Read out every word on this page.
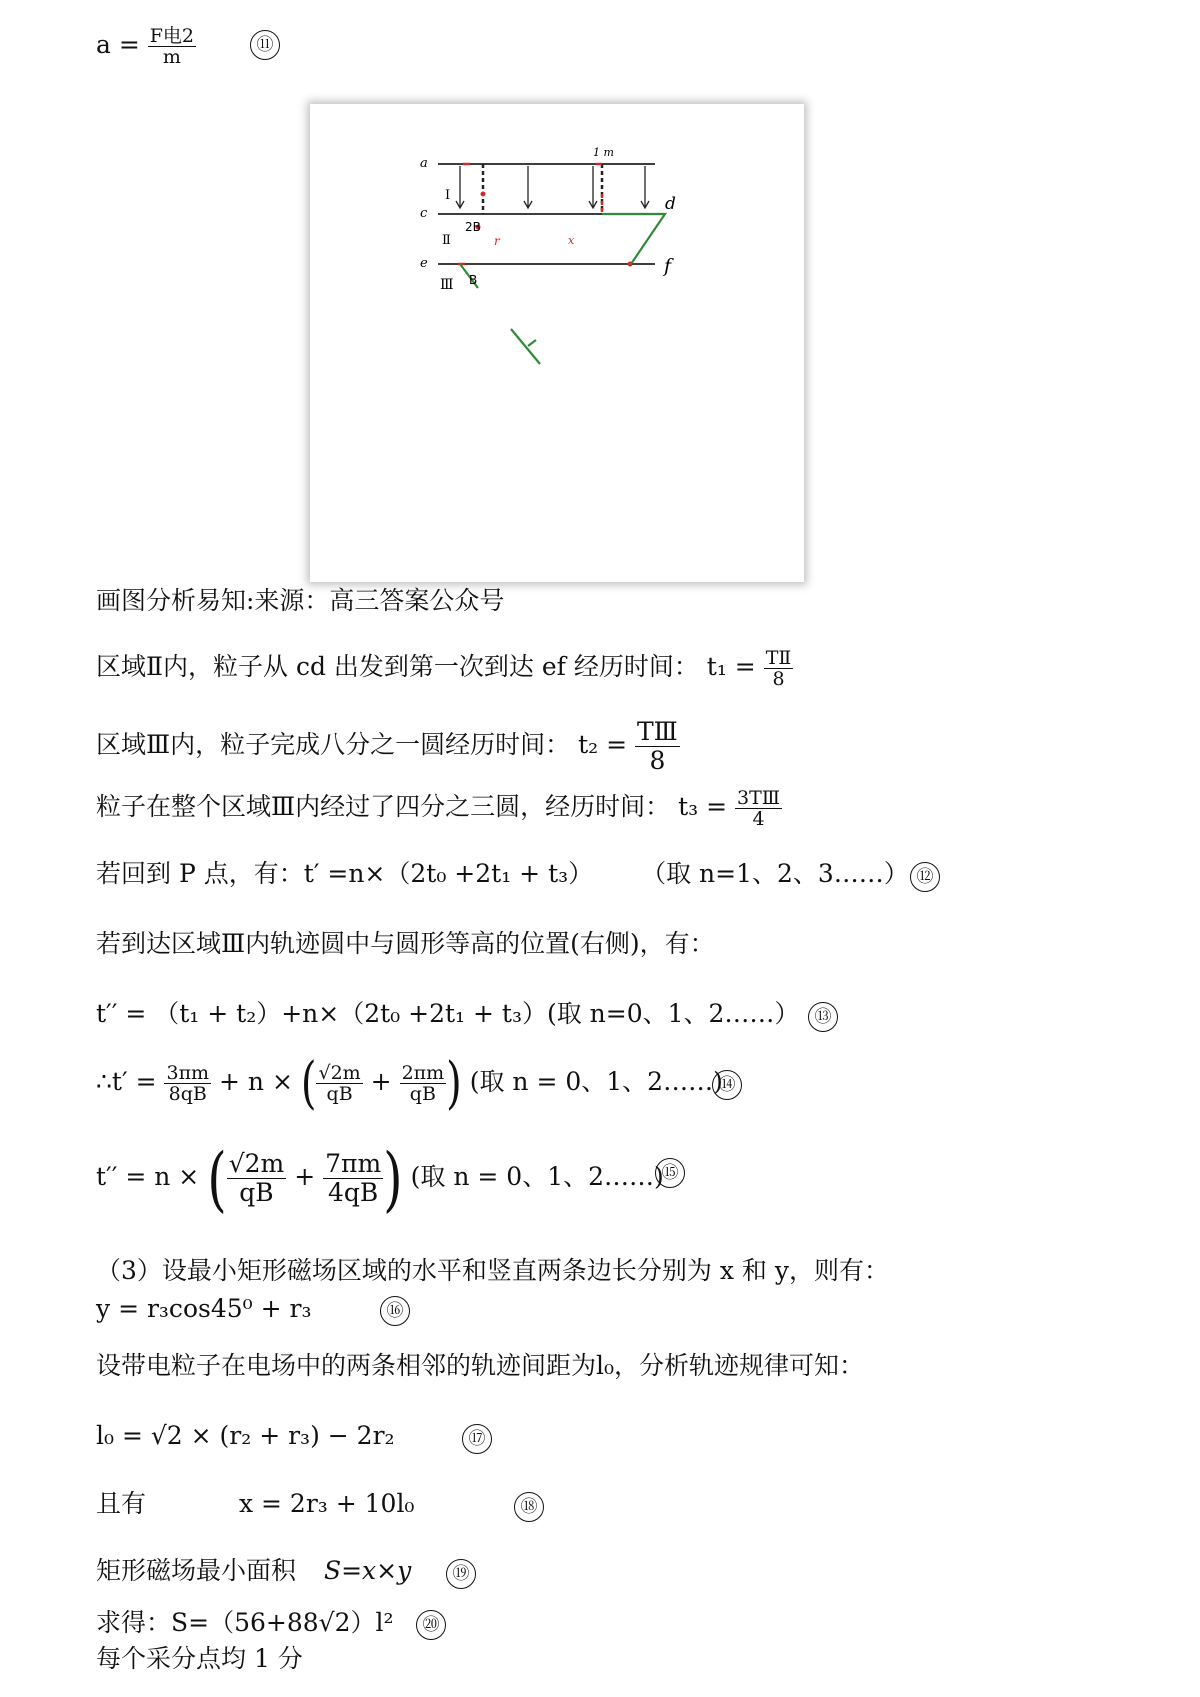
$a = \frac{\text{F电2}}{m}$	⑪
a
c	d
e	f
1 m
I
Ⅱ
Ⅲ
2B
B
r	x
画图分析易知:来源：高三答案公众号
区域Ⅱ内，粒子从 cd 出发到第一次到达 ef 经历时间： $t_1 = \frac{\text{TⅡ}}{8}$
区域Ⅲ内，粒子完成八分之一圆经历时间： $t_2 = \frac{\text{TⅢ}}{8}$
粒子在整个区域Ⅲ内经过了四分之三圆，经历时间： $t_3 = \frac{\text{3TⅢ}}{4}$
若回到 P 点，有：t′ =n×（2t₀ +2t₁ + t₃） （取 n=1、2、3……） ⑫
若到达区域Ⅲ内轨迹圆中与圆形等高的位置(右侧)，有：
t′′ = （t₁ + t₂）+n×（2t₀ +2t₁ + t₃）(取 n=0、1、2……） ⑬
∴t′ = $\frac{3\pi m}{8qB} + n$ × ( $\frac{√2m}{qB} + \frac{2\pi m}{qB}$ ) (取 n = 0、1、2……)
⑭
t′′ = n × ( $\frac{√2m}{qB} + \frac{7\pi m}{4qB}$ ) (取 n = 0、1、2……)
⑮
（3）设最小矩形磁场区域的水平和竖直两条边长分别为 x 和 y，则有：
y = r₃cos45⁰ + r₃	⑯
设带电粒子在电场中的两条相邻的轨迹间距为l₀，分析轨迹规律可知：
l₀ = √2 × (r₂ + r₃) − 2r₂	⑰
且有	x = 2r₃ + 10l₀	⑱
矩形磁场最小面积 S=x×y	⑲
求得：S=（56+88√2）l²	⑳
每个采分点均 1 分
